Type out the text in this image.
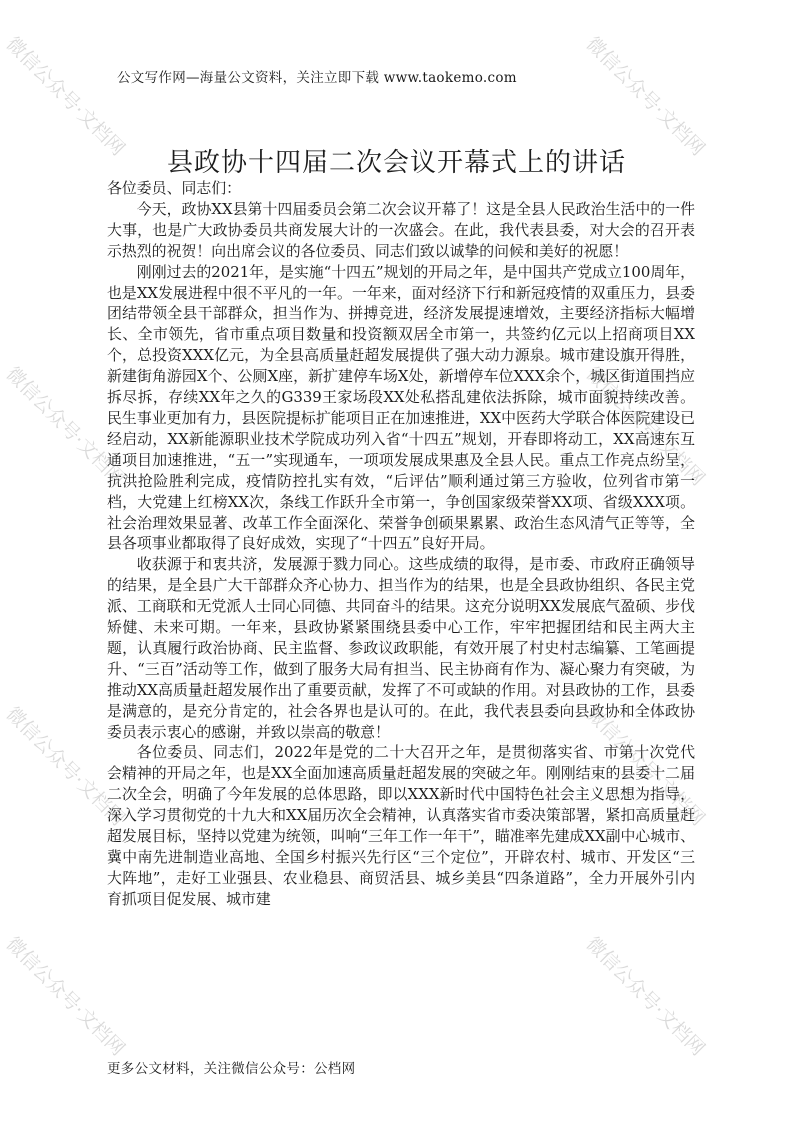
公文写作网—海量公文资料，关注立即下载 www.taokemo.com
县政协十四届二次会议开幕式上的讲话

各位委员、同志们：

今天，政协XX县第十四届委员会第二次会议开幕了！这是全县人民政治生活中的一件大事，也是广大政协委员共商发展大计的一次盛会。在此，我代表县委，对大会的召开表示热烈的祝贺！向出席会议的各位委员、同志们致以诚挚的问候和美好的祝愿！

刚刚过去的2021年，是实施“十四五”规划的开局之年，是中国共产党成立100周年，也是XX发展进程中很不平凡的一年。一年来，面对经济下行和新冠疫情的双重压力，县委团结带领全县干部群众，担当作为、拼搏竞进，经济发展提速增效，主要经济指标大幅增长、全市领先，省市重点项目数量和投资额双居全市第一，共签约亿元以上招商项目XX个，总投资XXX亿元，为全县高质量赶超发展提供了强大动力源泉。城市建设旗开得胜，新建街角游园X个、公厕X座，新扩建停车场X处，新增停车位XXX余个，城区街道围挡应拆尽拆，存续XX年之久的G339王家场段XX处私搭乱建依法拆除，城市面貌持续改善。民生事业更加有力，县医院提标扩能项目正在加速推进，XX中医药大学联合体医院建设已经启动，XX新能源职业技术学院成功列入省“十四五”规划，开春即将动工，XX高速东互通项目加速推进，“五一”实现通车，一项项发展成果惠及全县人民。重点工作亮点纷呈，抗洪抢险胜利完成，疫情防控扎实有效，“后评估”顺利通过第三方验收，位列省市第一档，大党建上红榜XX次，条线工作跃升全市第一，争创国家级荣誉XX项、省级XXX项。社会治理效果显著、改革工作全面深化、荣誉争创硕果累累、政治生态风清气正等等，全县各项事业都取得了良好成效，实现了“十四五”良好开局。

收获源于和衷共济，发展源于戮力同心。这些成绩的取得，是市委、市政府正确领导的结果，是全县广大干部群众齐心协力、担当作为的结果，也是全县政协组织、各民主党派、工商联和无党派人士同心同德、共同奋斗的结果。这充分说明XX发展底气盈硕、步伐矫健、未来可期。一年来，县政协紧紧围绕县委中心工作，牢牢把握团结和民主两大主题，认真履行政治协商、民主监督、参政议政职能，有效开展了村史村志编纂、工笔画提升、“三百”活动等工作，做到了服务大局有担当、民主协商有作为、凝心聚力有突破，为推动XX高质量赶超发展作出了重要贡献，发挥了不可或缺的作用。对县政协的工作，县委是满意的，是充分肯定的，社会各界也是认可的。在此，我代表县委向县政协和全体政协委员表示衷心的感谢，并致以崇高的敬意！

各位委员、同志们，2022年是党的二十大召开之年，是贯彻落实省、市第十次党代会精神的开局之年，也是XX全面加速高质量赶超发展的突破之年。刚刚结束的县委十二届二次全会，明确了今年发展的总体思路，即以XXX新时代中国特色社会主义思想为指导，深入学习贯彻党的十九大和XX届历次全会精神，认真落实省市委决策部署，紧扣高质量赶超发展目标，坚持以党建为统领，叫响“三年工作一年干”，瞄准率先建成XX副中心城市、冀中南先进制造业高地、全国乡村振兴先行区“三个定位”，开辟农村、城市、开发区“三大阵地”，走好工业强县、农业稳县、商贸活县、城乡美县“四条道路”，全力开展外引内育抓项目促发展、城市建

更多公文材料，关注微信公众号：公档网
微信公众号·文档网	微信公众号·文档网
微信公众号·文档网	微信公众号·文档网
微信公众号·文档网	微信公众号·文档网
微信公众号·文档网	微信公众号·文档网
